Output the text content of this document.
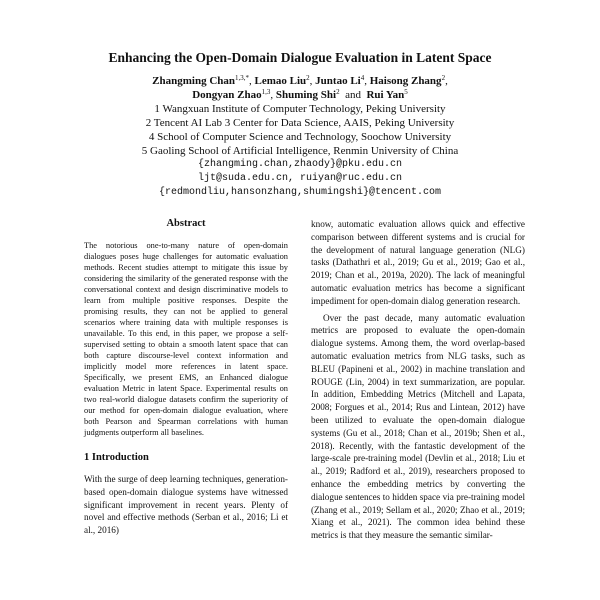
Enhancing the Open-Domain Dialogue Evaluation in Latent Space
Zhangming Chan$^{1,3,*}$, Lemao Liu$^2$, Juntao Li$^4$, Haisong Zhang$^2$,
Dongyan Zhao$^{1,3}$, Shuming Shi$^2$ and Rui Yan$^5$
1 Wangxuan Institute of Computer Technology, Peking University
2 Tencent AI Lab 3 Center for Data Science, AAIS, Peking University
4 School of Computer Science and Technology, Soochow University
5 Gaoling School of Artificial Intelligence, Renmin University of China
{zhangming.chan,zhaody}@pku.edu.cn
ljt@suda.edu.cn, ruiyan@ruc.edu.cn
{redmondliu,hansonzhang,shumingshi}@tencent.com
Abstract

The notorious one-to-many nature of open-domain dialogues poses huge challenges for automatic evaluation methods. Recent studies attempt to mitigate this issue by considering the similarity of the generated response with the conversational context and design discriminative models to learn from multiple positive responses. Despite the promising results, they can not be applied to general scenarios where training data with multiple responses is unavailable. To this end, in this paper, we propose a self-supervised setting to obtain a smooth latent space that can both capture discourse-level context information and implicitly model more references in latent space. Specifically, we present EMS, an Enhanced dialogue evaluation Metric in latent Space. Experimental results on two real-world dialogue datasets confirm the superiority of our method for open-domain dialogue evaluation, where both Pearson and Spearman correlations with human judgments outperform all baselines.

1 Introduction

With the surge of deep learning techniques, generation-based open-domain dialogue systems have witnessed significant improvement in recent years. Plenty of novel and effective methods (Serban et al., 2016; Li et al., 2016)

know, automatic evaluation allows quick and effective comparison between different systems and is crucial for the development of natural language generation (NLG) tasks (Dathathri et al., 2019; Gu et al., 2019; Gao et al., 2019; Chan et al., 2019a, 2020). The lack of meaningful automatic evaluation metrics has become a significant impediment for open-domain dialog generation research.

Over the past decade, many automatic evaluation metrics are proposed to evaluate the open-domain dialogue systems. Among them, the word overlap-based automatic evaluation metrics from NLG tasks, such as BLEU (Papineni et al., 2002) in machine translation and ROUGE (Lin, 2004) in text summarization, are popular. In addition, Embedding Metrics (Mitchell and Lapata, 2008; Forgues et al., 2014; Rus and Lintean, 2012) have been utilized to evaluate the open-domain dialogue systems (Gu et al., 2018; Chan et al., 2019b; Shen et al., 2018). Recently, with the fantastic development of the large-scale pre-training model (Devlin et al., 2018; Liu et al., 2019; Radford et al., 2019), researchers proposed to enhance the embedding metrics by converting the dialogue sentences to hidden space via pre-training model (Zhang et al., 2019; Sellam et al., 2020; Zhao et al., 2019; Xiang et al., 2021). The common idea behind these metrics is that they measure the semantic similar-
